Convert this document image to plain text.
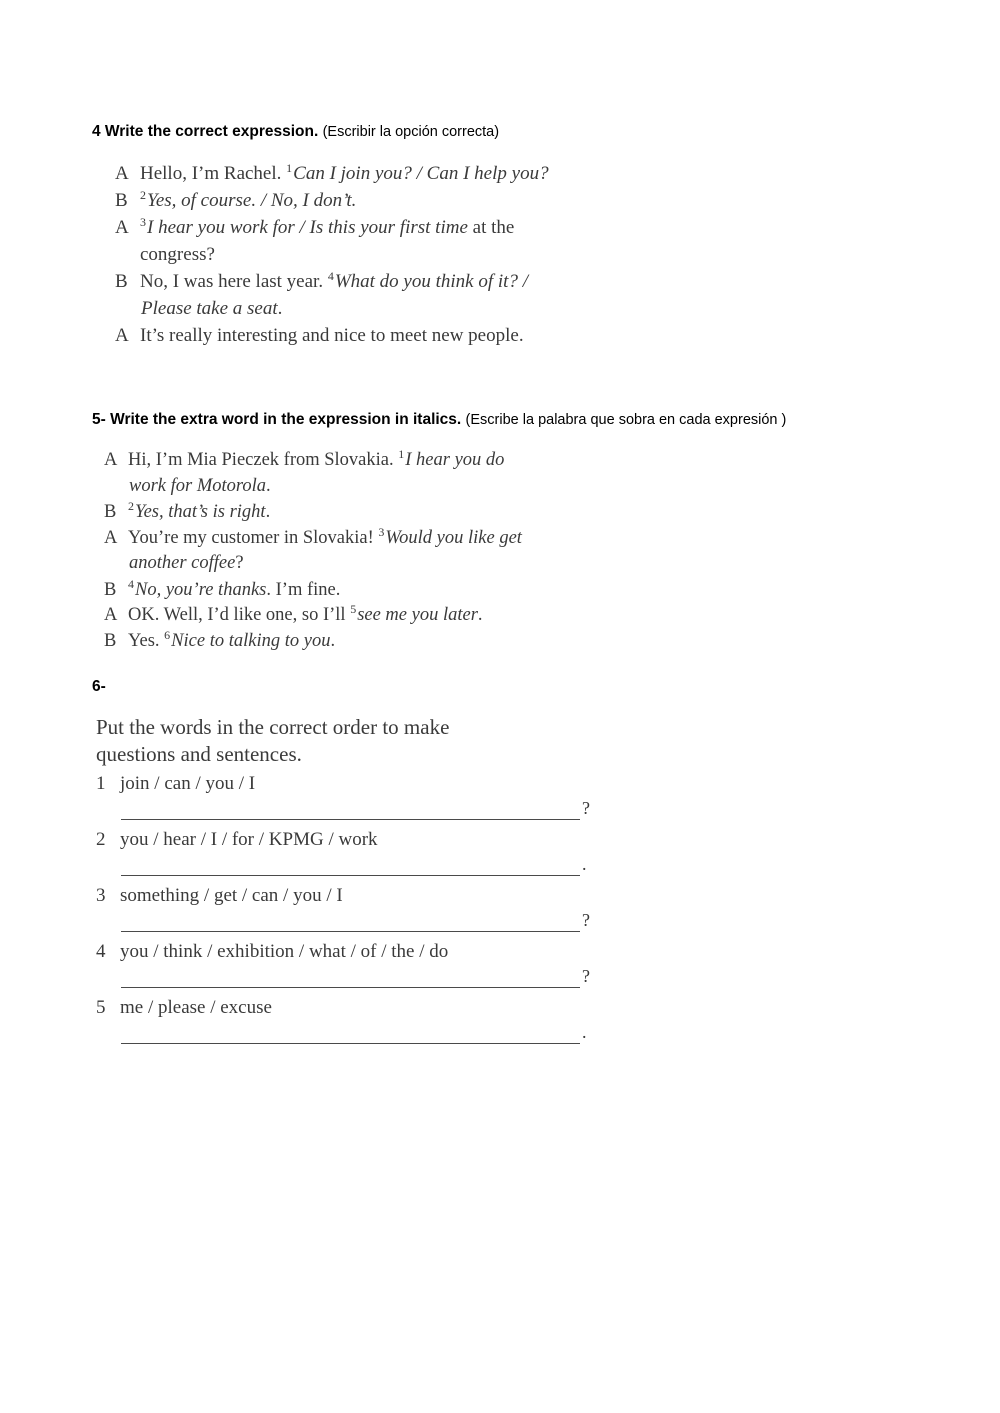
4 Write the correct expression. (Escribir la opción correcta)
A Hello, I’m Rachel. $^1$Can I join you? / Can I help you?
B $^2$Yes, of course. / No, I don’t.
A $^3$I hear you work for / Is this your first time at the
congress?
B No, I was here last year. $^4$What do you think of it? /
Please take a seat.
A It’s really interesting and nice to meet new people.
5- Write the extra word in the expression in italics. (Escribe la palabra que sobra en cada expresión )
A Hi, I’m Mia Pieczek from Slovakia. $^1$I hear you do
work for Motorola.
B $^2$Yes, that’s is right.
A You’re my customer in Slovakia! $^3$Would you like get
another coffee?
B $^4$No, you’re thanks. I’m fine.
A OK. Well, I’d like one, so I’ll $^5$see me you later.
B Yes. $^6$Nice to talking to you.
6-
Put the words in the correct order to make
questions and sentences.
1 join / can / you / I
?
2 you / hear / I / for / KPMG / work
.
3 something / get / can / you / I
?
4 you / think / exhibition / what / of / the / do
?
5 me / please / excuse
.
